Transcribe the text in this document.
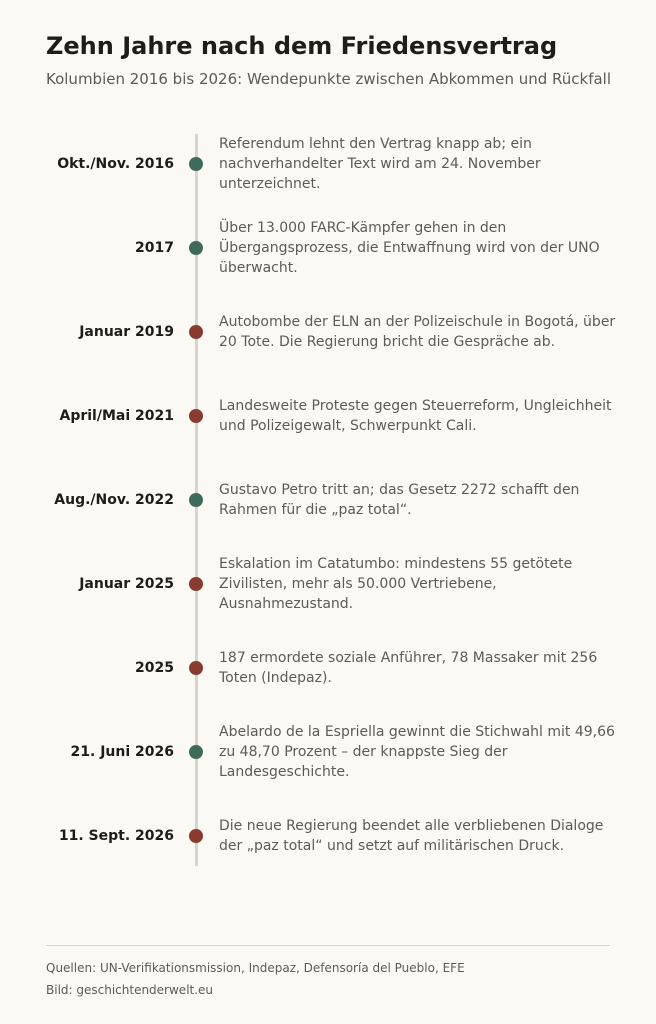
Zehn Jahre nach dem Friedensvertrag

Kolumbien 2016 bis 2026: Wendepunkte zwischen Abkommen und Rückfall

Okt./Nov. 2016
Referendum lehnt den Vertrag knapp ab; ein nachverhandelter Text wird am 24. November unterzeichnet.
2017
Über 13.000 FARC-Kämpfer gehen in den Übergangsprozess, die Entwaffnung wird von der UNO überwacht.
Januar 2019
Autobombe der ELN an der Polizeischule in Bogotá, über 20 Tote. Die Regierung bricht die Gespräche ab.
April/Mai 2021
Landesweite Proteste gegen Steuerreform, Ungleichheit und Polizeigewalt, Schwerpunkt Cali.
Aug./Nov. 2022
Gustavo Petro tritt an; das Gesetz 2272 schafft den Rahmen für die „paz total“.
Januar 2025
Eskalation im Catatumbo: mindestens 55 getötete Zivilisten, mehr als 50.000 Vertriebene, Ausnahmezustand.
2025
187 ermordete soziale Anführer, 78 Massaker mit 256 Toten (Indepaz).
21. Juni 2026
Abelardo de la Espriella gewinnt die Stichwahl mit 49,66 zu 48,70 Prozent – der knappste Sieg der Landesgeschichte.
11. Sept. 2026
Die neue Regierung beendet alle verbliebenen Dialoge der „paz total“ und setzt auf militärischen Druck.
Quellen: UN-Verifikationsmission, Indepaz, Defensoría del Pueblo, EFE
Bild: geschichtenderwelt.eu
